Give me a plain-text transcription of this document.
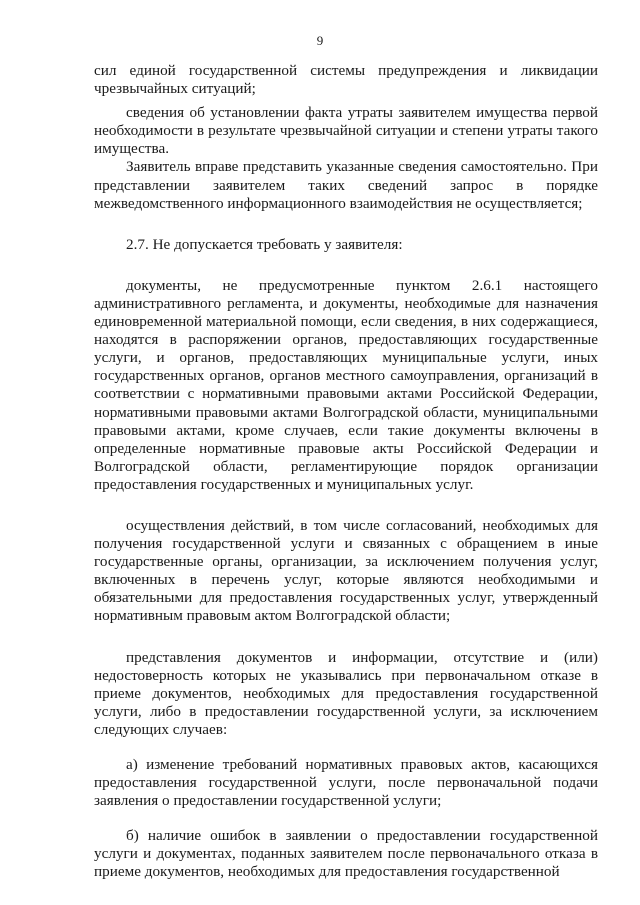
9

сил единой государственной системы предупреждения и ликвидации чрезвычайных ситуаций;

сведения об установлении факта утраты заявителем имущества первой необходимости в результате чрезвычайной ситуации и степени утраты такого имущества.

Заявитель вправе представить указанные сведения самостоятельно. При представлении заявителем таких сведений запрос в порядке межведомственного информационного взаимодействия не осуществляется;

2.7. Не допускается требовать у заявителя:

документы, не предусмотренные пунктом 2.6.1 настоящего административного регламента, и документы, необходимые для назначения единовременной материальной помощи, если сведения, в них содержащиеся, находятся в распоряжении органов, предоставляющих государственные услуги, и органов, предоставляющих муниципальные услуги, иных государственных органов, органов местного самоуправления, организаций в соответствии с нормативными правовыми актами Российской Федерации, нормативными правовыми актами Волгоградской области, муниципальными правовыми актами, кроме случаев, если такие документы включены в определенные нормативные правовые акты Российской Федерации и Волгоградской области, регламентирующие порядок организации предоставления государственных и муниципальных услуг.

осуществления действий, в том числе согласований, необходимых для получения государственной услуги и связанных с обращением в иные государственные органы, организации, за исключением получения услуг, включенных в перечень услуг, которые являются необходимыми и обязательными для предоставления государственных услуг, утвержденный нормативным правовым актом Волгоградской области;

представления документов и информации, отсутствие и (или) недостоверность которых не указывались при первоначальном отказе в приеме документов, необходимых для предоставления государственной услуги, либо в предоставлении государственной услуги, за исключением следующих случаев:

а) изменение требований нормативных правовых актов, касающихся предоставления государственной услуги, после первоначальной подачи заявления о предоставлении государственной услуги;

б) наличие ошибок в заявлении о предоставлении государственной услуги и документах, поданных заявителем после первоначального отказа в приеме документов, необходимых для предоставления государственной
